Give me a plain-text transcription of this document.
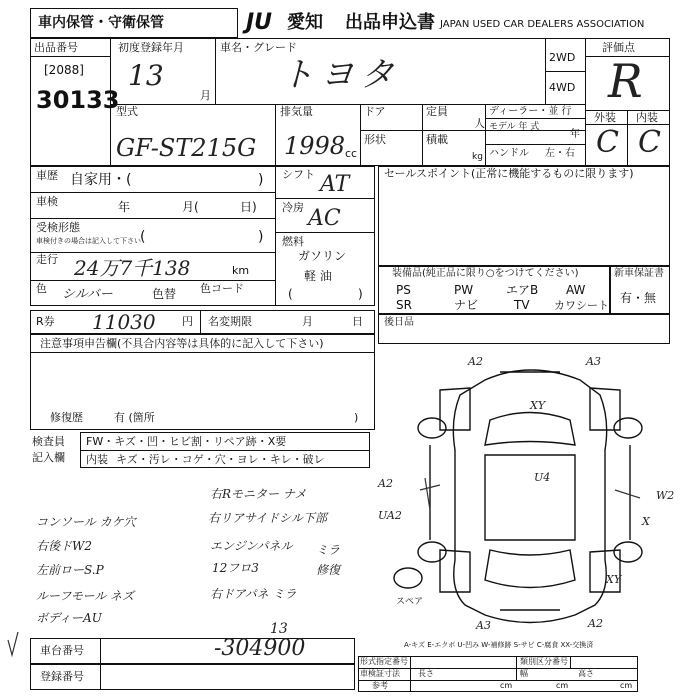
車内保管・守衛保管	JU 愛知 出品申込書 JAPAN USED CAR DEALERS ASSOCIATION
出品番号
[2088]
30133
初度登録年月
13
月
車名・グレード
トヨタ	2WD
4WD
評価点
R
外装 内装
C C
型式
GF-ST215G
排気量
1998 cc
ドア
形状
定員
人
積載
kg
ディーラー・並 行
モデル 年 式
年
ハンドル 左・右
車歴 自家用・(	)
車検	年	月(	日)
受検形態
車検付きの場合は記入して下さい (	)
走行 24万7千138	km
色 シルバー	色替 色コード
シフト AT
冷房 AC
燃料
ガソリン
軽 油
(	)
セールスポイント(正常に機能するものに限ります)
装備品(純正品に限り○をつけてください)
PS	PW	エアB AW
SR	ナビ	TV カワシート
新車保証書
有・無
R券 11030 円 名変期限	月	日 後日品
注意事項申告欄(不具合内容等は具体的に記入して下さい)
修復歴	有 (箇所	)
検査員
記入欄
FW・キズ・凹・ヒビ割・リペア跡・X要
内装 キズ・汚レ・コゲ・穴・ヨレ・キレ・破レ
右Rモニター ナメ
コンソール カケ穴	右リアサイドシル下部
右後ドW2	エンジンパネル ミラ
左前ローS.P	12フロ3	修復
ルーフモール ネズ	右ドアパネ ミラ
ボディーAU
A2	A3
XY
U4
A2
UA2
W2
X
XY
A3	A2
スペア
A-キズ E-エクボ U-凹み W-補修跡 S-サビ C-腐食 XX-交換済
車台番号
13
-304900
登録番号
形式指定番号	類別区分番号
車検証寸法 長さ	幅	高さ
参考	cm	cm	cm
